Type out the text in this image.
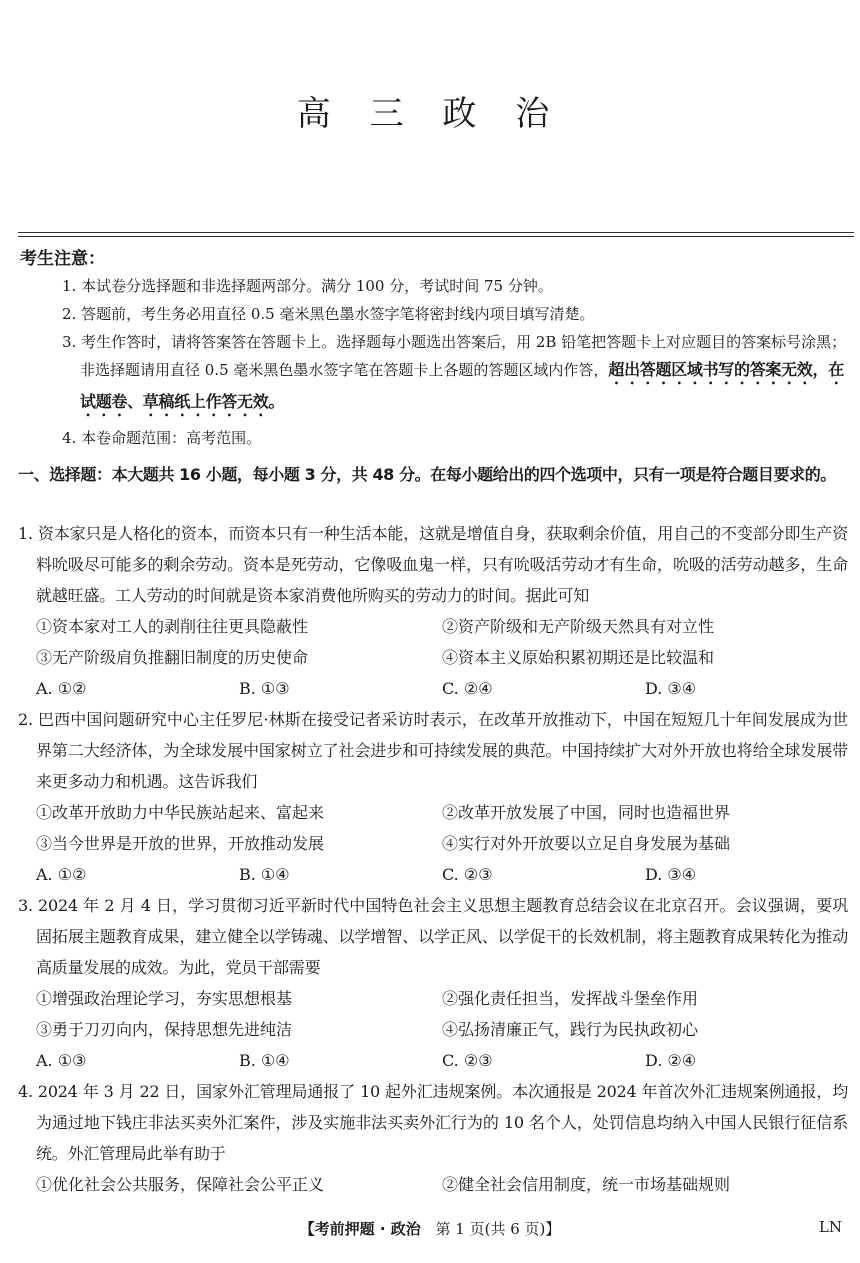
高 三 政 治
考生注意：

1. 本试卷分选择题和非选择题两部分。满分 100 分，考试时间 75 分钟。

2. 答题前，考生务必用直径 0.5 毫米黑色墨水签字笔将密封线内项目填写清楚。

3. 考生作答时，请将答案答在答题卡上。选择题每小题选出答案后，用 2B 铅笔把答题卡上对应题目的答案标号涂黑；非选择题请用直径 0.5 毫米黑色墨水签字笔在答题卡上各题的答题区域内作答，超出答题区域书写的答案无效，在试题卷、草稿纸上作答无效。

4. 本卷命题范围：高考范围。

一、选择题：本大题共 16 小题，每小题 3 分，共 48 分。在每小题给出的四个选项中，只有一项是符合题目要求的。

1. 资本家只是人格化的资本，而资本只有一种生活本能，这就是增值自身，获取剩余价值，用自己的不变部分即生产资料吮吸尽可能多的剩余劳动。资本是死劳动，它像吸血鬼一样，只有吮吸活劳动才有生命，吮吸的活劳动越多，生命就越旺盛。工人劳动的时间就是资本家消费他所购买的劳动力的时间。据此可知

①资本家对工人的剥削往往更具隐蔽性	②资产阶级和无产阶级天然具有对立性
③无产阶级肩负推翻旧制度的历史使命	④资本主义原始积累初期还是比较温和
A. ①②	B. ①③	C. ②④	D. ③④

2. 巴西中国问题研究中心主任罗尼·林斯在接受记者采访时表示，在改革开放推动下，中国在短短几十年间发展成为世界第二大经济体，为全球发展中国家树立了社会进步和可持续发展的典范。中国持续扩大对外开放也将给全球发展带来更多动力和机遇。这告诉我们

①改革开放助力中华民族站起来、富起来	②改革开放发展了中国，同时也造福世界
③当今世界是开放的世界，开放推动发展	④实行对外开放要以立足自身发展为基础
A. ①②	B. ①④	C. ②③	D. ③④

3. 2024 年 2 月 4 日，学习贯彻习近平新时代中国特色社会主义思想主题教育总结会议在北京召开。会议强调，要巩固拓展主题教育成果，建立健全以学铸魂、以学增智、以学正风、以学促干的长效机制，将主题教育成果转化为推动高质量发展的成效。为此，党员干部需要

①增强政治理论学习，夯实思想根基	②强化责任担当，发挥战斗堡垒作用
③勇于刀刃向内，保持思想先进纯洁	④弘扬清廉正气，践行为民执政初心
A. ①③	B. ①④	C. ②③	D. ②④

4. 2024 年 3 月 22 日，国家外汇管理局通报了 10 起外汇违规案例。本次通报是 2024 年首次外汇违规案例通报，均为通过地下钱庄非法买卖外汇案件，涉及实施非法买卖外汇行为的 10 名个人，处罚信息均纳入中国人民银行征信系统。外汇管理局此举有助于

①优化社会公共服务，保障社会公平正义	②健全社会信用制度，统一市场基础规则
【考前押题 · 政治 第 1 页(共 6 页)】	LN
